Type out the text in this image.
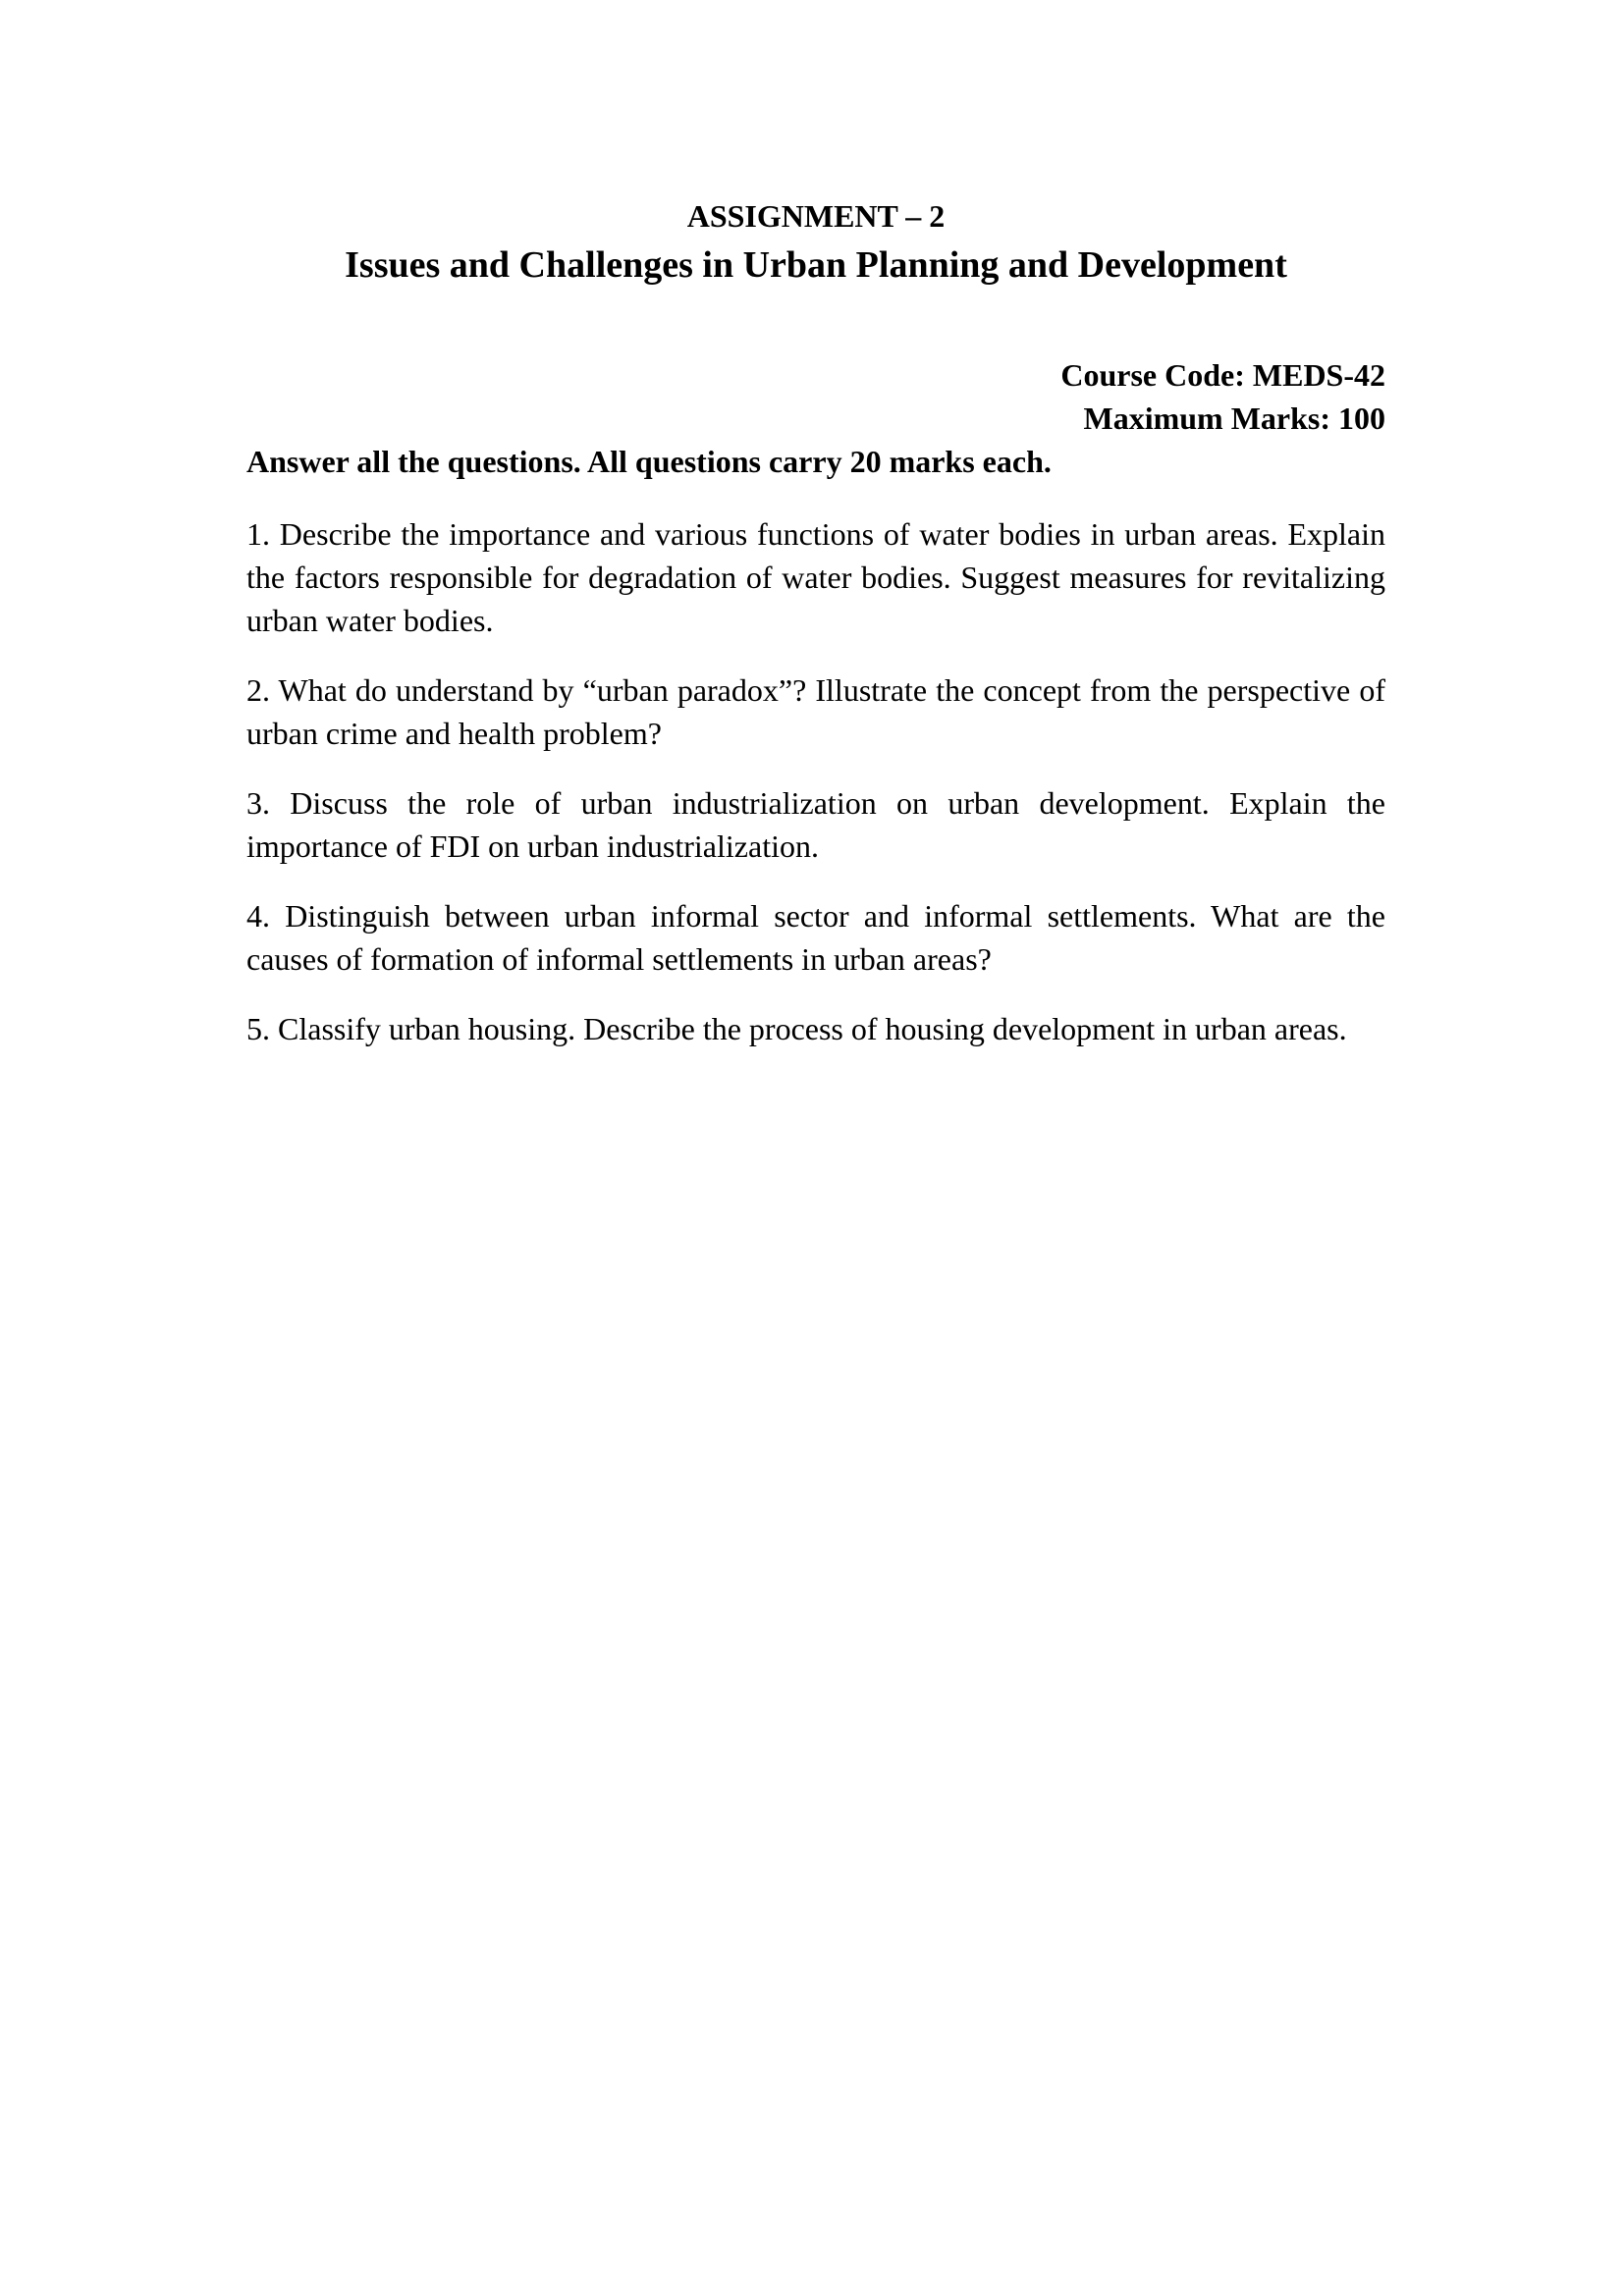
ASSIGNMENT – 2

Issues and Challenges in Urban Planning and Development

Course Code: MEDS-42

Maximum Marks: 100

Answer all the questions. All questions carry 20 marks each.

1. Describe the importance and various functions of water bodies in urban areas. Explain the factors responsible for degradation of water bodies. Suggest measures for revitalizing urban water bodies.

2. What do understand by “urban paradox”? Illustrate the concept from the perspective of urban crime and health problem?

3. Discuss the role of urban industrialization on urban development. Explain the importance of FDI on urban industrialization.

4. Distinguish between urban informal sector and informal settlements. What are the causes of formation of informal settlements in urban areas?

5. Classify urban housing. Describe the process of housing development in urban areas.
